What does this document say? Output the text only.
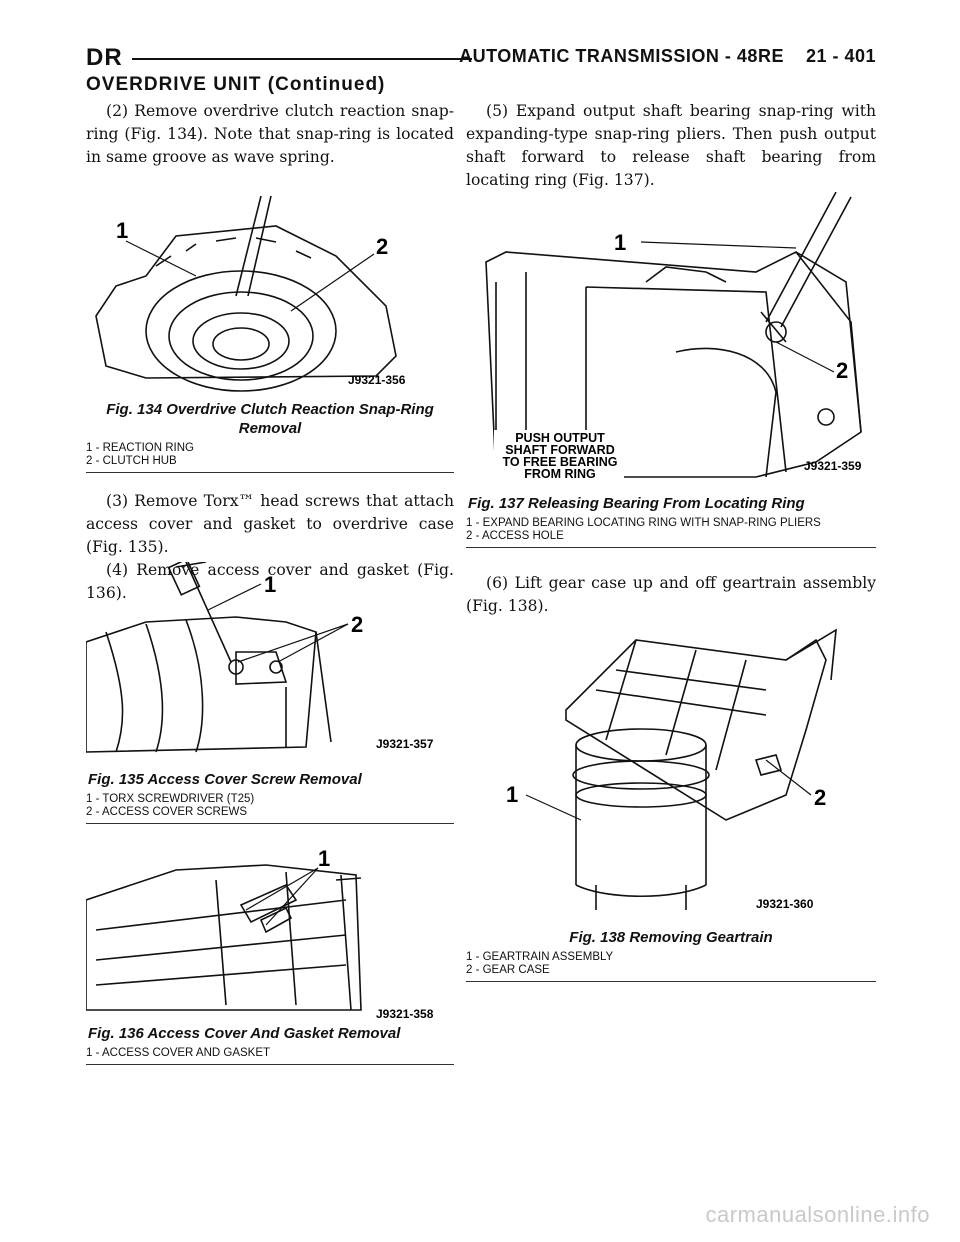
DR	AUTOMATIC TRANSMISSION - 48RE    21 - 401
OVERDRIVE UNIT (Continued)

(2) Remove overdrive clutch reaction snap-ring (Fig. 134). Note that snap-ring is located in same groove as wave spring.

1
2
J9321-356
Fig. 134 Overdrive Clutch Reaction Snap-Ring Removal
1 - REACTION RING
2 - CLUTCH HUB

(3) Remove Torx™ head screws that attach access cover and gasket to overdrive case (Fig. 135).

(4) Remove access cover and gasket (Fig. 136).	1
2
J9321-357
Fig. 135 Access Cover Screw Removal
1 - TORX SCREWDRIVER (T25)
2 - ACCESS COVER SCREWS
1
J9321-358
Fig. 136 Access Cover And Gasket Removal
1 - ACCESS COVER AND GASKET

(5) Expand output shaft bearing snap-ring with expanding-type snap-ring pliers. Then push output shaft forward to release shaft bearing from locating ring (Fig. 137).

1
2
PUSH OUTPUT
SHAFT FORWARD
TO FREE BEARING
FROM RING
J9321-359
Fig. 137 Releasing Bearing From Locating Ring
1 - EXPAND BEARING LOCATING RING WITH SNAP-RING PLIERS
2 - ACCESS HOLE

(6) Lift gear case up and off geartrain assembly (Fig. 138).

1	2
J9321-360
Fig. 138 Removing Geartrain
1 - GEARTRAIN ASSEMBLY
2 - GEAR CASE
carmanualsonline.info
